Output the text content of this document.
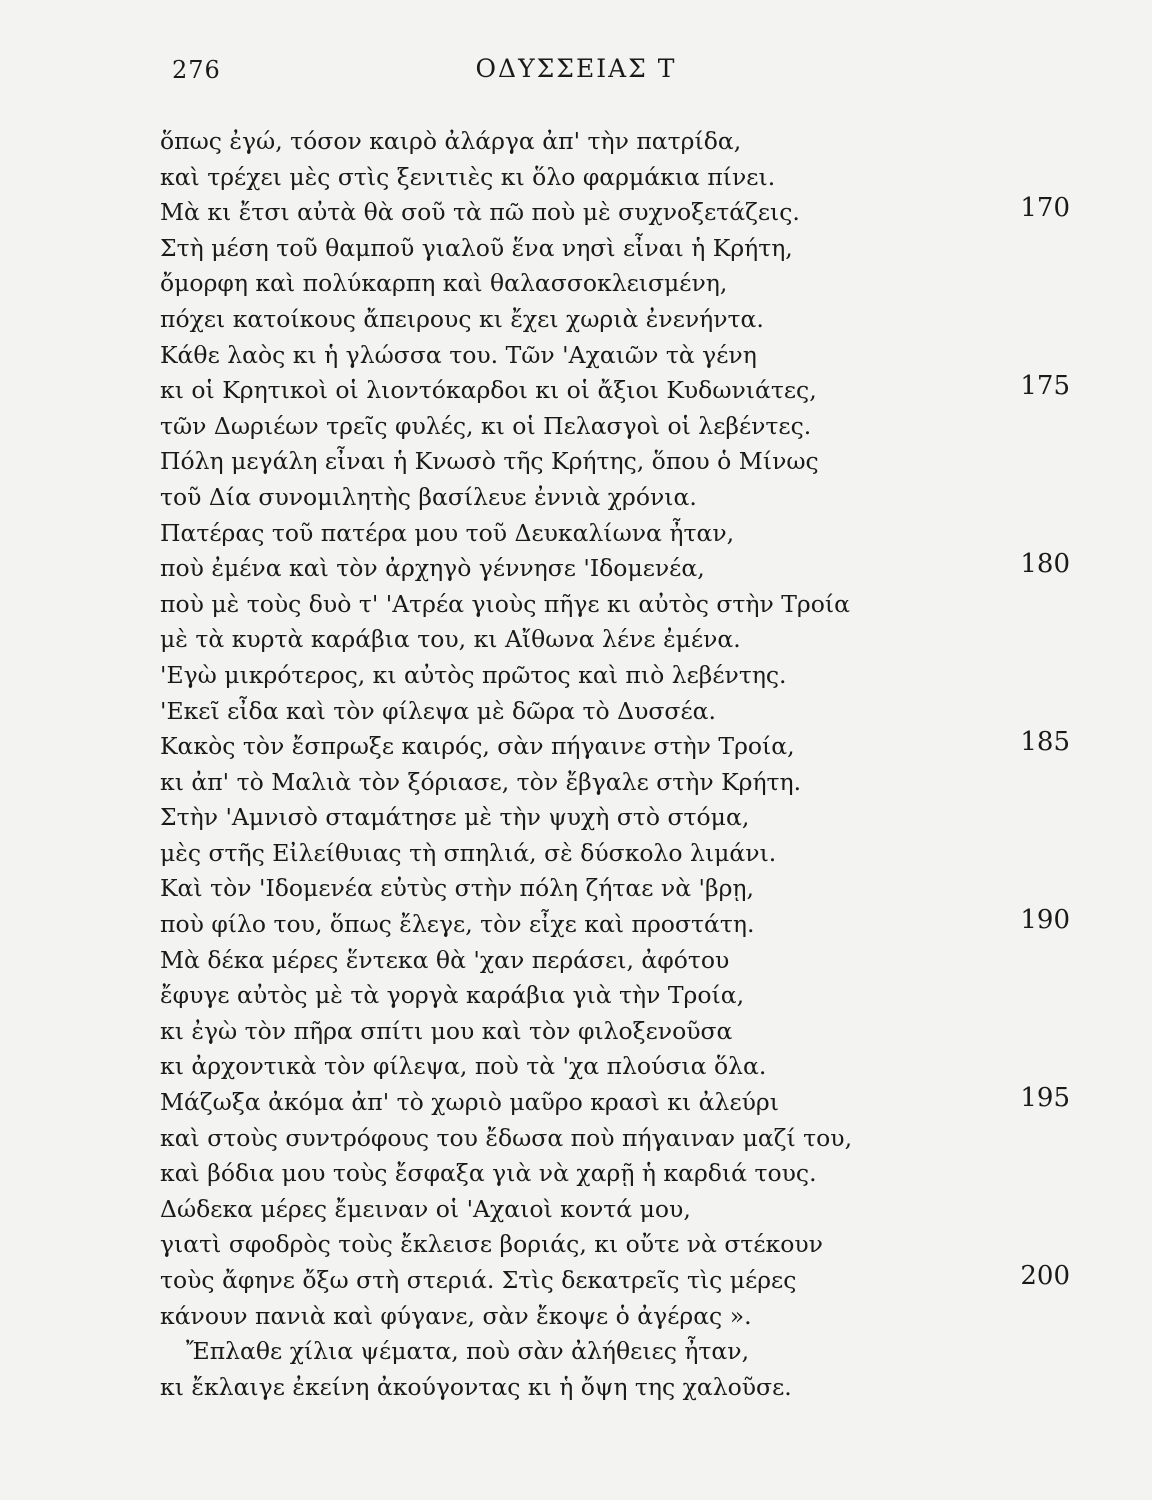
276	ΟΔΥΣΣΕΙΑΣ Τ
ὅπως ἐγώ, τόσον καιρὸ ἀλάργα ἀπ' τὴν πατρίδα,
καὶ τρέχει μὲς στὶς ξενιτιὲς κι ὅλο φαρμάκια πίνει.
Μὰ κι ἔτσι αὐτὰ θὰ σοῦ τὰ πῶ ποὺ μὲ συχνοξετάζεις.	170
Στὴ μέση τοῦ θαμποῦ γιαλοῦ ἕνα νησὶ εἶναι ἡ Κρήτη,
ὄμορφη καὶ πολύκαρπη καὶ θαλασσοκλεισμένη,
πόχει κατοίκους ἄπειρους κι ἔχει χωριὰ ἐνενήντα.
Κάθε λαὸς κι ἡ γλώσσα του. Τῶν 'Αχαιῶν τὰ γένη
κι οἱ Κρητικοὶ οἱ λιοντόκαρδοι κι οἱ ἄξιοι Κυδωνιάτες,	175
τῶν Δωριέων τρεῖς φυλές, κι οἱ Πελασγοὶ οἱ λεβέντες.
Πόλη μεγάλη εἶναι ἡ Κνωσὸ τῆς Κρήτης, ὅπου ὁ Μίνως
τοῦ Δία συνομιλητὴς βασίλευε ἐννιὰ χρόνια.
Πατέρας τοῦ πατέρα μου τοῦ Δευκαλίωνα ἦταν,
ποὺ ἐμένα καὶ τὸν ἀρχηγὸ γέννησε 'Ιδομενέα,	180
ποὺ μὲ τοὺς δυὸ τ' 'Ατρέα γιοὺς πῆγε κι αὐτὸς στὴν Τροία
μὲ τὰ κυρτὰ καράβια του, κι Αἴθωνα λένε ἐμένα.
'Εγὼ μικρότερος, κι αὐτὸς πρῶτος καὶ πιὸ λεβέντης.
'Εκεῖ εἶδα καὶ τὸν φίλεψα μὲ δῶρα τὸ Δυσσέα.
Κακὸς τὸν ἔσπρωξε καιρός, σὰν πήγαινε στὴν Τροία,	185
κι ἀπ' τὸ Μαλιὰ τὸν ξόριασε, τὸν ἔβγαλε στὴν Κρήτη.
Στὴν 'Αμνισὸ σταμάτησε μὲ τὴν ψυχὴ στὸ στόμα,
μὲς στῆς Εἰλείθυιας τὴ σπηλιά, σὲ δύσκολο λιμάνι.
Καὶ τὸν 'Ιδομενέα εὐτὺς στὴν πόλη ζήταε νὰ 'βρῃ,
ποὺ φίλο του, ὅπως ἔλεγε, τὸν εἶχε καὶ προστάτη.	190
Μὰ δέκα μέρες ἕντεκα θὰ 'χαν περάσει, ἀφότου
ἔφυγε αὐτὸς μὲ τὰ γοργὰ καράβια γιὰ τὴν Τροία,
κι ἐγὼ τὸν πῆρα σπίτι μου καὶ τὸν φιλοξενοῦσα
κι ἀρχοντικὰ τὸν φίλεψα, ποὺ τὰ 'χα πλούσια ὅλα.
Μάζωξα ἀκόμα ἀπ' τὸ χωριὸ μαῦρο κρασὶ κι ἀλεύρι	195
καὶ στοὺς συντρόφους του ἔδωσα ποὺ πήγαιναν μαζί του,
καὶ βόδια μου τοὺς ἔσφαξα γιὰ νὰ χαρῇ ἡ καρδιά τους.
Δώδεκα μέρες ἔμειναν οἱ 'Αχαιοὶ κοντά μου,
γιατὶ σφοδρὸς τοὺς ἔκλεισε βοριάς, κι οὔτε νὰ στέκουν
τοὺς ἄφηνε ὄξω στὴ στεριά. Στὶς δεκατρεῖς τὶς μέρες	200
κάνουν πανιὰ καὶ φύγανε, σὰν ἔκοψε ὁ ἀγέρας ».
Ἔπλαθε χίλια ψέματα, ποὺ σὰν ἀλήθειες ἦταν,
κι ἔκλαιγε ἐκείνη ἀκούγοντας κι ἡ ὄψη της χαλοῦσε.
